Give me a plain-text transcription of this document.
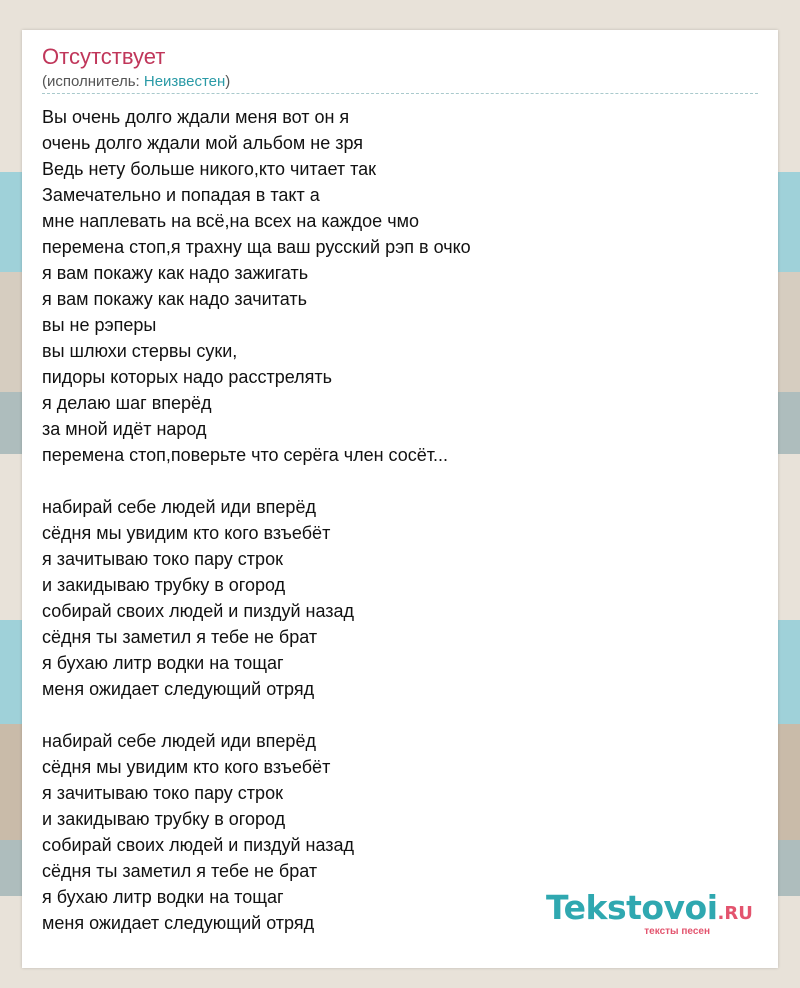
Отсутствует
(исполнитель: Неизвестен)
Вы очень долго ждали меня вот он я
очень долго ждали мой альбом не зря
Ведь нету больше никого,кто читает так
Замечательно и попадая в такт а
мне наплевать на всё,на всех на каждое чмо
перемена стоп,я трахну ща ваш русский рэп в очко
я вам покажу как надо зажигать
я вам покажу как надо зачитать
вы не рэперы
вы шлюхи стервы суки,
пидоры которых надо расстрелять
я делаю шаг вперёд
за мной идёт народ
перемена стоп,поверьте что серёга член сосёт...
набирай себе людей иди вперёд
сёдня мы увидим кто кого взъебёт
я зачитываю токо пару строк
и закидываю трубку в огород
собирай своих людей и пиздуй назад
сёдня ты заметил я тебе не брат
я бухаю литр водки на тощаг
меня ожидает следующий отряд
набирай себе людей иди вперёд
сёдня мы увидим кто кого взъебёт
я зачитываю токо пару строк
и закидываю трубку в огород
собирай своих людей и пиздуй назад
сёдня ты заметил я тебе не брат
я бухаю литр водки на тощаг
меня ожидает следующий отряд	Tekstovoi.RU
тексты песен
